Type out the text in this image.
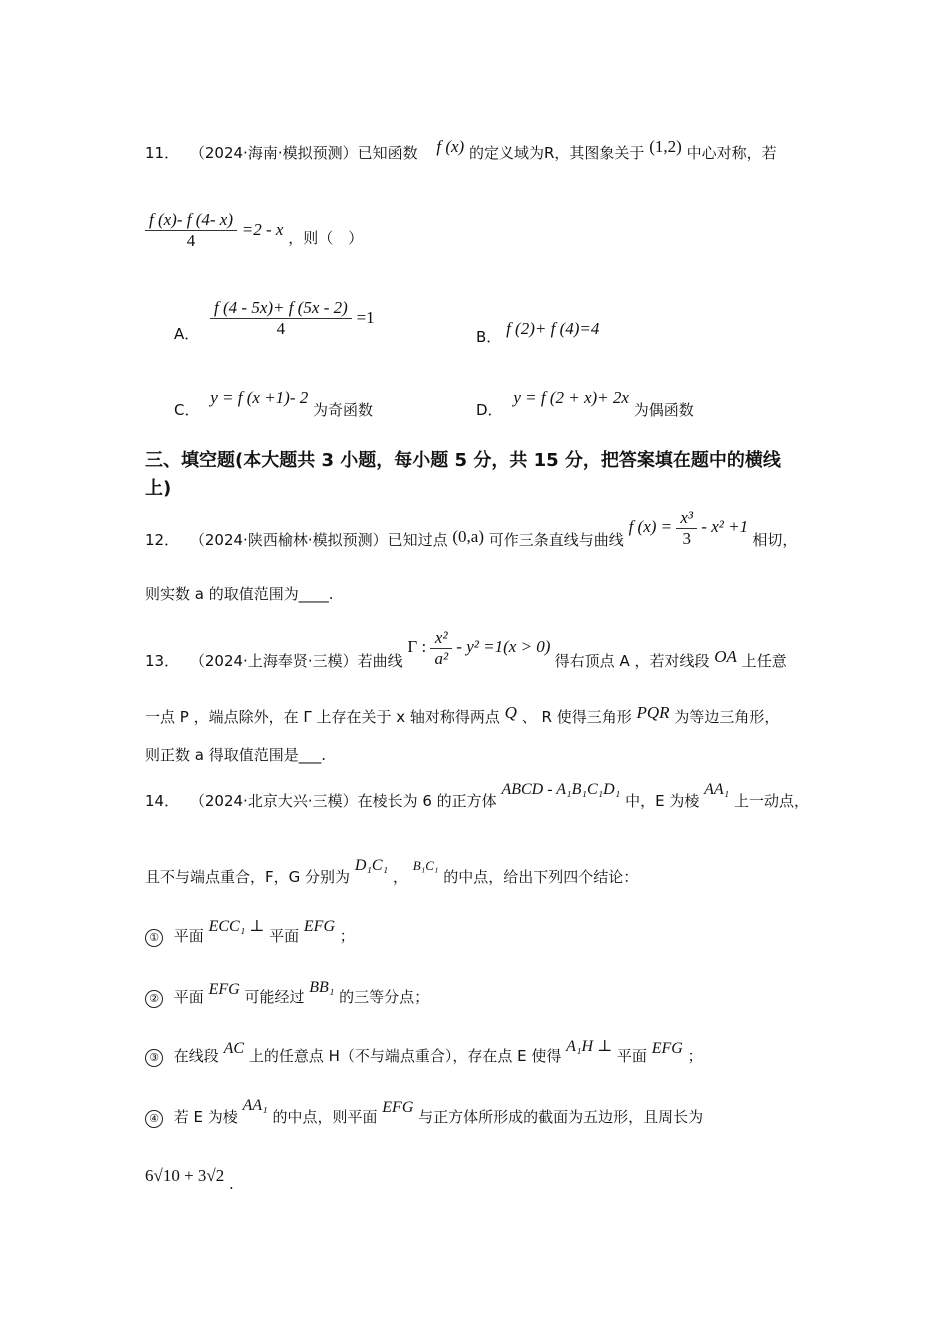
11． （2024·海南·模拟预测）已知函数 f (x) 的定义域为R，其图象关于 (1,2) 中心对称，若
$\frac{f (x)- f (4- x)}{4} =2 - x$ ，则（　）
A． $\frac{f (4 - 5x)+ f (5x - 2)}{4} =1$
B． f (2)+ f (4)=4
C． y = f (x +1)- 2 为奇函数	D． y = f (2 + x)+ 2x 为偶函数
三、填空题(本大题共 3 小题，每小题 5 分，共 15 分，把答案填在题中的横线
上)
12． （2024·陕西榆林·模拟预测）已知过点 (0,a) 可作三条直线与曲线 f $(x) = \frac{\text{x³}}{3} - x^2 +1$ 相切，
则实数 a 的取值范围为____.
13． （2024·上海奉贤·三模）若曲线 Γ : $\frac{\text{x²}}{\text{a²}} - y^2 =1(x > 0)$ 得右顶点 A ，若对线段 OA 上任意
一点 P ，端点除外，在 Γ 上存在关于 x 轴对称得两点 Q 、 R 使得三角形 PQR 为等边三角形，
则正数 a 得取值范围是___.
14． （2024·北京大兴·三模）在棱长为 6 的正方体 ABCD - A₁B₁C₁D₁ 中，E 为棱 AA₁ 上一动点，
且不与端点重合，F，G 分别为 D₁C₁ ， B₁C₁ 的中点，给出下列四个结论：
① 平面 ECC₁ ⊥ 平面 EFG ；
② 平面 EFG 可能经过 BB₁ 的三等分点；
③ 在线段 AC 上的任意点 H（不与端点重合），存在点 E 使得 A₁H ⊥ 平面 EFG ；
④ 若 E 为棱 AA₁ 的中点，则平面 EFG 与正方体所形成的截面为五边形，且周长为
6√10 + 3√2 .
